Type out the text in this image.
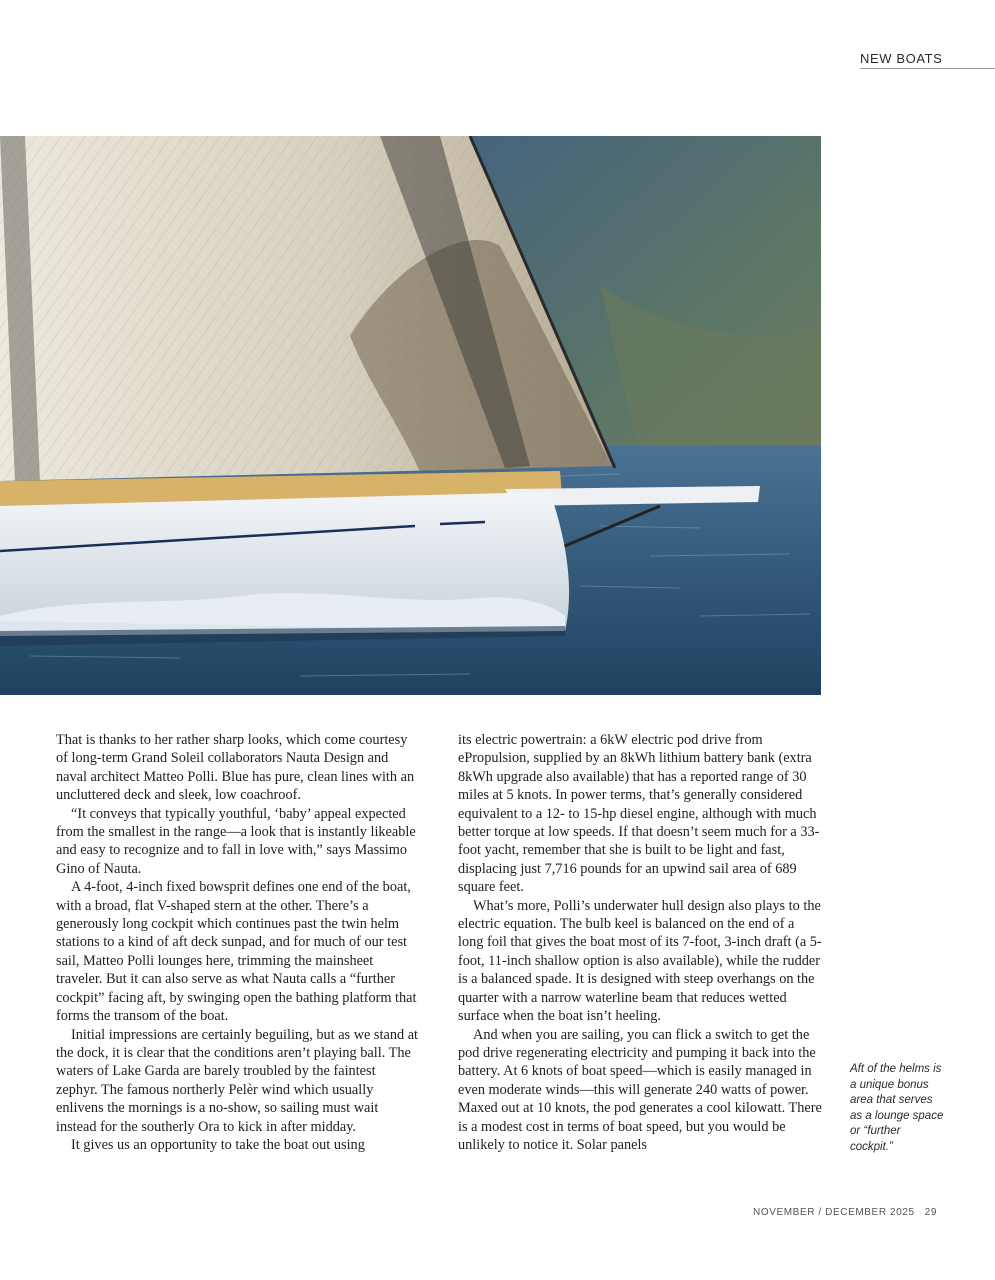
NEW BOATS

That is thanks to her rather sharp looks, which come courtesy of long-term Grand Soleil collaborators Nauta Design and naval architect Matteo Polli. Blue has pure, clean lines with an uncluttered deck and sleek, low coachroof.

“It conveys that typically youthful, ‘baby’ appeal expected from the smallest in the range—a look that is instantly likeable and easy to recognize and to fall in love with,” says Massimo Gino of Nauta.

A 4-foot, 4-inch fixed bowsprit defines one end of the boat, with a broad, flat V-shaped stern at the other. There’s a generously long cockpit which continues past the twin helm stations to a kind of aft deck sunpad, and for much of our test sail, Matteo Polli lounges here, trimming the mainsheet traveler. But it can also serve as what Nauta calls a “further cockpit” facing aft, by swinging open the bathing platform that forms the transom of the boat.

Initial impressions are certainly beguiling, but as we stand at the dock, it is clear that the conditions aren’t playing ball. The waters of Lake Garda are barely troubled by the faintest zephyr. The famous northerly Pelèr wind which usually enlivens the mornings is a no-show, so sailing must wait instead for the southerly Ora to kick in after midday.

It gives us an opportunity to take the boat out using

its electric powertrain: a 6kW electric pod drive from ePropulsion, supplied by an 8kWh lithium battery bank (extra 8kWh upgrade also available) that has a reported range of 30 miles at 5 knots. In power terms, that’s generally considered equivalent to a 12- to 15-hp diesel engine, although with much better torque at low speeds. If that doesn’t seem much for a 33-foot yacht, remember that she is built to be light and fast, displacing just 7,716 pounds for an upwind sail area of 689 square feet.

What’s more, Polli’s underwater hull design also plays to the electric equation. The bulb keel is balanced on the end of a long foil that gives the boat most of its 7-foot, 3-inch draft (a 5-foot, 11-inch shallow option is also available), while the rudder is a balanced spade. It is designed with steep overhangs on the quarter with a narrow waterline beam that reduces wetted surface when the boat isn’t heeling.

And when you are sailing, you can flick a switch to get the pod drive regenerating electricity and pumping it back into the battery. At 6 knots of boat speed—which is easily managed in even moderate winds—this will generate 240 watts of power. Maxed out at 10 knots, the pod generates a cool kilowatt. There is a modest cost in terms of boat speed, but you would be unlikely to notice it. Solar panels

Aft of the helms is a unique bonus area that serves as a lounge space or “further cockpit.”
NOVEMBER / DECEMBER 2025 29
